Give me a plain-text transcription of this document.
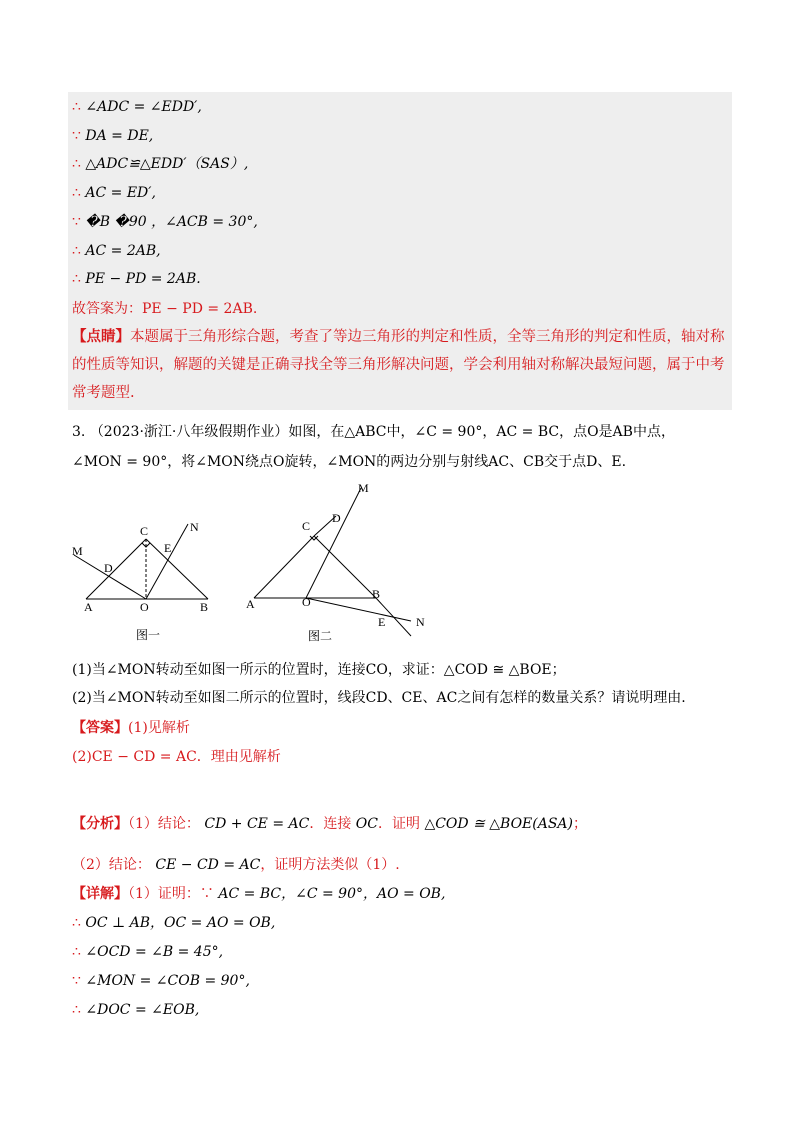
∴ ∠ADC = ∠EDD′,
∵ DA = DE,
∴ △ADC≌△EDD′（SAS）,
∴ AC = ED′,
∵ �B �90 ，∠ACB = 30°,
∴ AC = 2AB,
∴ PE − PD = 2AB.
故答案为：PE − PD = 2AB.
【点睛】本题属于三角形综合题，考查了等边三角形的判定和性质，全等三角形的判定和性质，轴对称的性质等知识，解题的关键是正确寻找全等三角形解决问题，学会利用轴对称解决最短问题，属于中考常考题型.
3. （2023·浙江·八年级假期作业）如图，在△ABC中，∠C = 90°，AC = BC，点O是AB中点，
∠MON = 90°，将∠MON绕点O旋转，∠MON的两边分别与射线AC、CB交于点D、E.
C	N
M
D
E
A	O	B
图一
M
C
D
A	O
B
E	N
图二
(1)当∠MON转动至如图一所示的位置时，连接CO，求证：△COD ≅ △BOE；
(2)当∠MON转动至如图二所示的位置时，线段CD、CE、AC之间有怎样的数量关系？请说明理由.
【答案】(1)见解析
(2)CE − CD = AC．理由见解析
【分析】（1）结论： CD + CE = AC．连接 OC．证明 △COD ≅ △BOE(ASA)；
（2）结论： CE − CD = AC，证明方法类似（1）.
【详解】（1）证明：∵ AC = BC，∠C = 90°，AO = OB,
∴ OC ⊥ AB，OC = AO = OB,
∴ ∠OCD = ∠B = 45°,
∵ ∠MON = ∠COB = 90°,
∴ ∠DOC = ∠EOB,
